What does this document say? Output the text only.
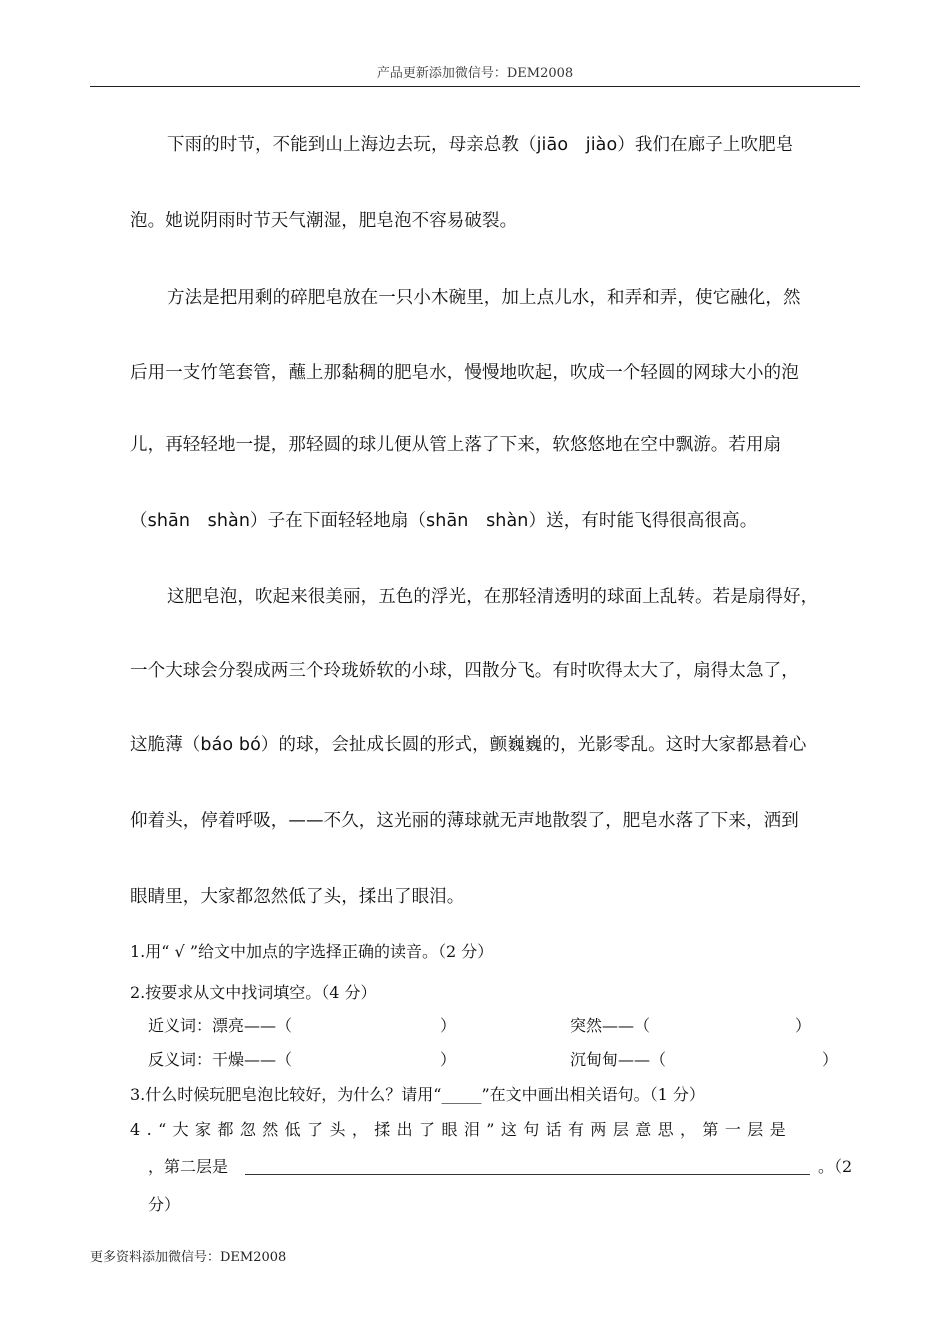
产品更新添加微信号：DEM2008
下雨的时节，不能到山上海边去玩，母亲总教（jiāo　jiào）我们在廊子上吹肥皂
泡。她说阴雨时节天气潮湿，肥皂泡不容易破裂。
方法是把用剩的碎肥皂放在一只小木碗里，加上点儿水，和弄和弄，使它融化，然
后用一支竹笔套管，蘸上那黏稠的肥皂水，慢慢地吹起，吹成一个轻圆的网球大小的泡
儿，再轻轻地一提，那轻圆的球儿便从管上落了下来，软悠悠地在空中飘游。若用扇
（shān　shàn）子在下面轻轻地扇（shān　shàn）送，有时能飞得很高很高。
这肥皂泡，吹起来很美丽，五色的浮光，在那轻清透明的球面上乱转。若是扇得好，
一个大球会分裂成两三个玲珑娇软的小球，四散分飞。有时吹得太大了，扇得太急了，
这脆薄（báo bó）的球，会扯成长圆的形式，颤巍巍的，光影零乱。这时大家都悬着心
仰着头，停着呼吸，——不久，这光丽的薄球就无声地散裂了，肥皂水落了下来，洒到
眼睛里，大家都忽然低了头，揉出了眼泪。
1.用“ √ ”给文中加点的字选择正确的读音。（2 分）
2.按要求从文中找词填空。（4 分）
近义词：漂亮——（	）	突然——（	）
反义词：干燥——（	）	沉甸甸——（	）
3.什么时候玩肥皂泡比较好，为什么？请用“_____”在文中画出相关语句。（1 分）
4.“大家都忽然低了头，揉出了眼泪”这句话有两层意思，第一层是
，第二层是	。（2
分）
更多资料添加微信号：DEM2008
